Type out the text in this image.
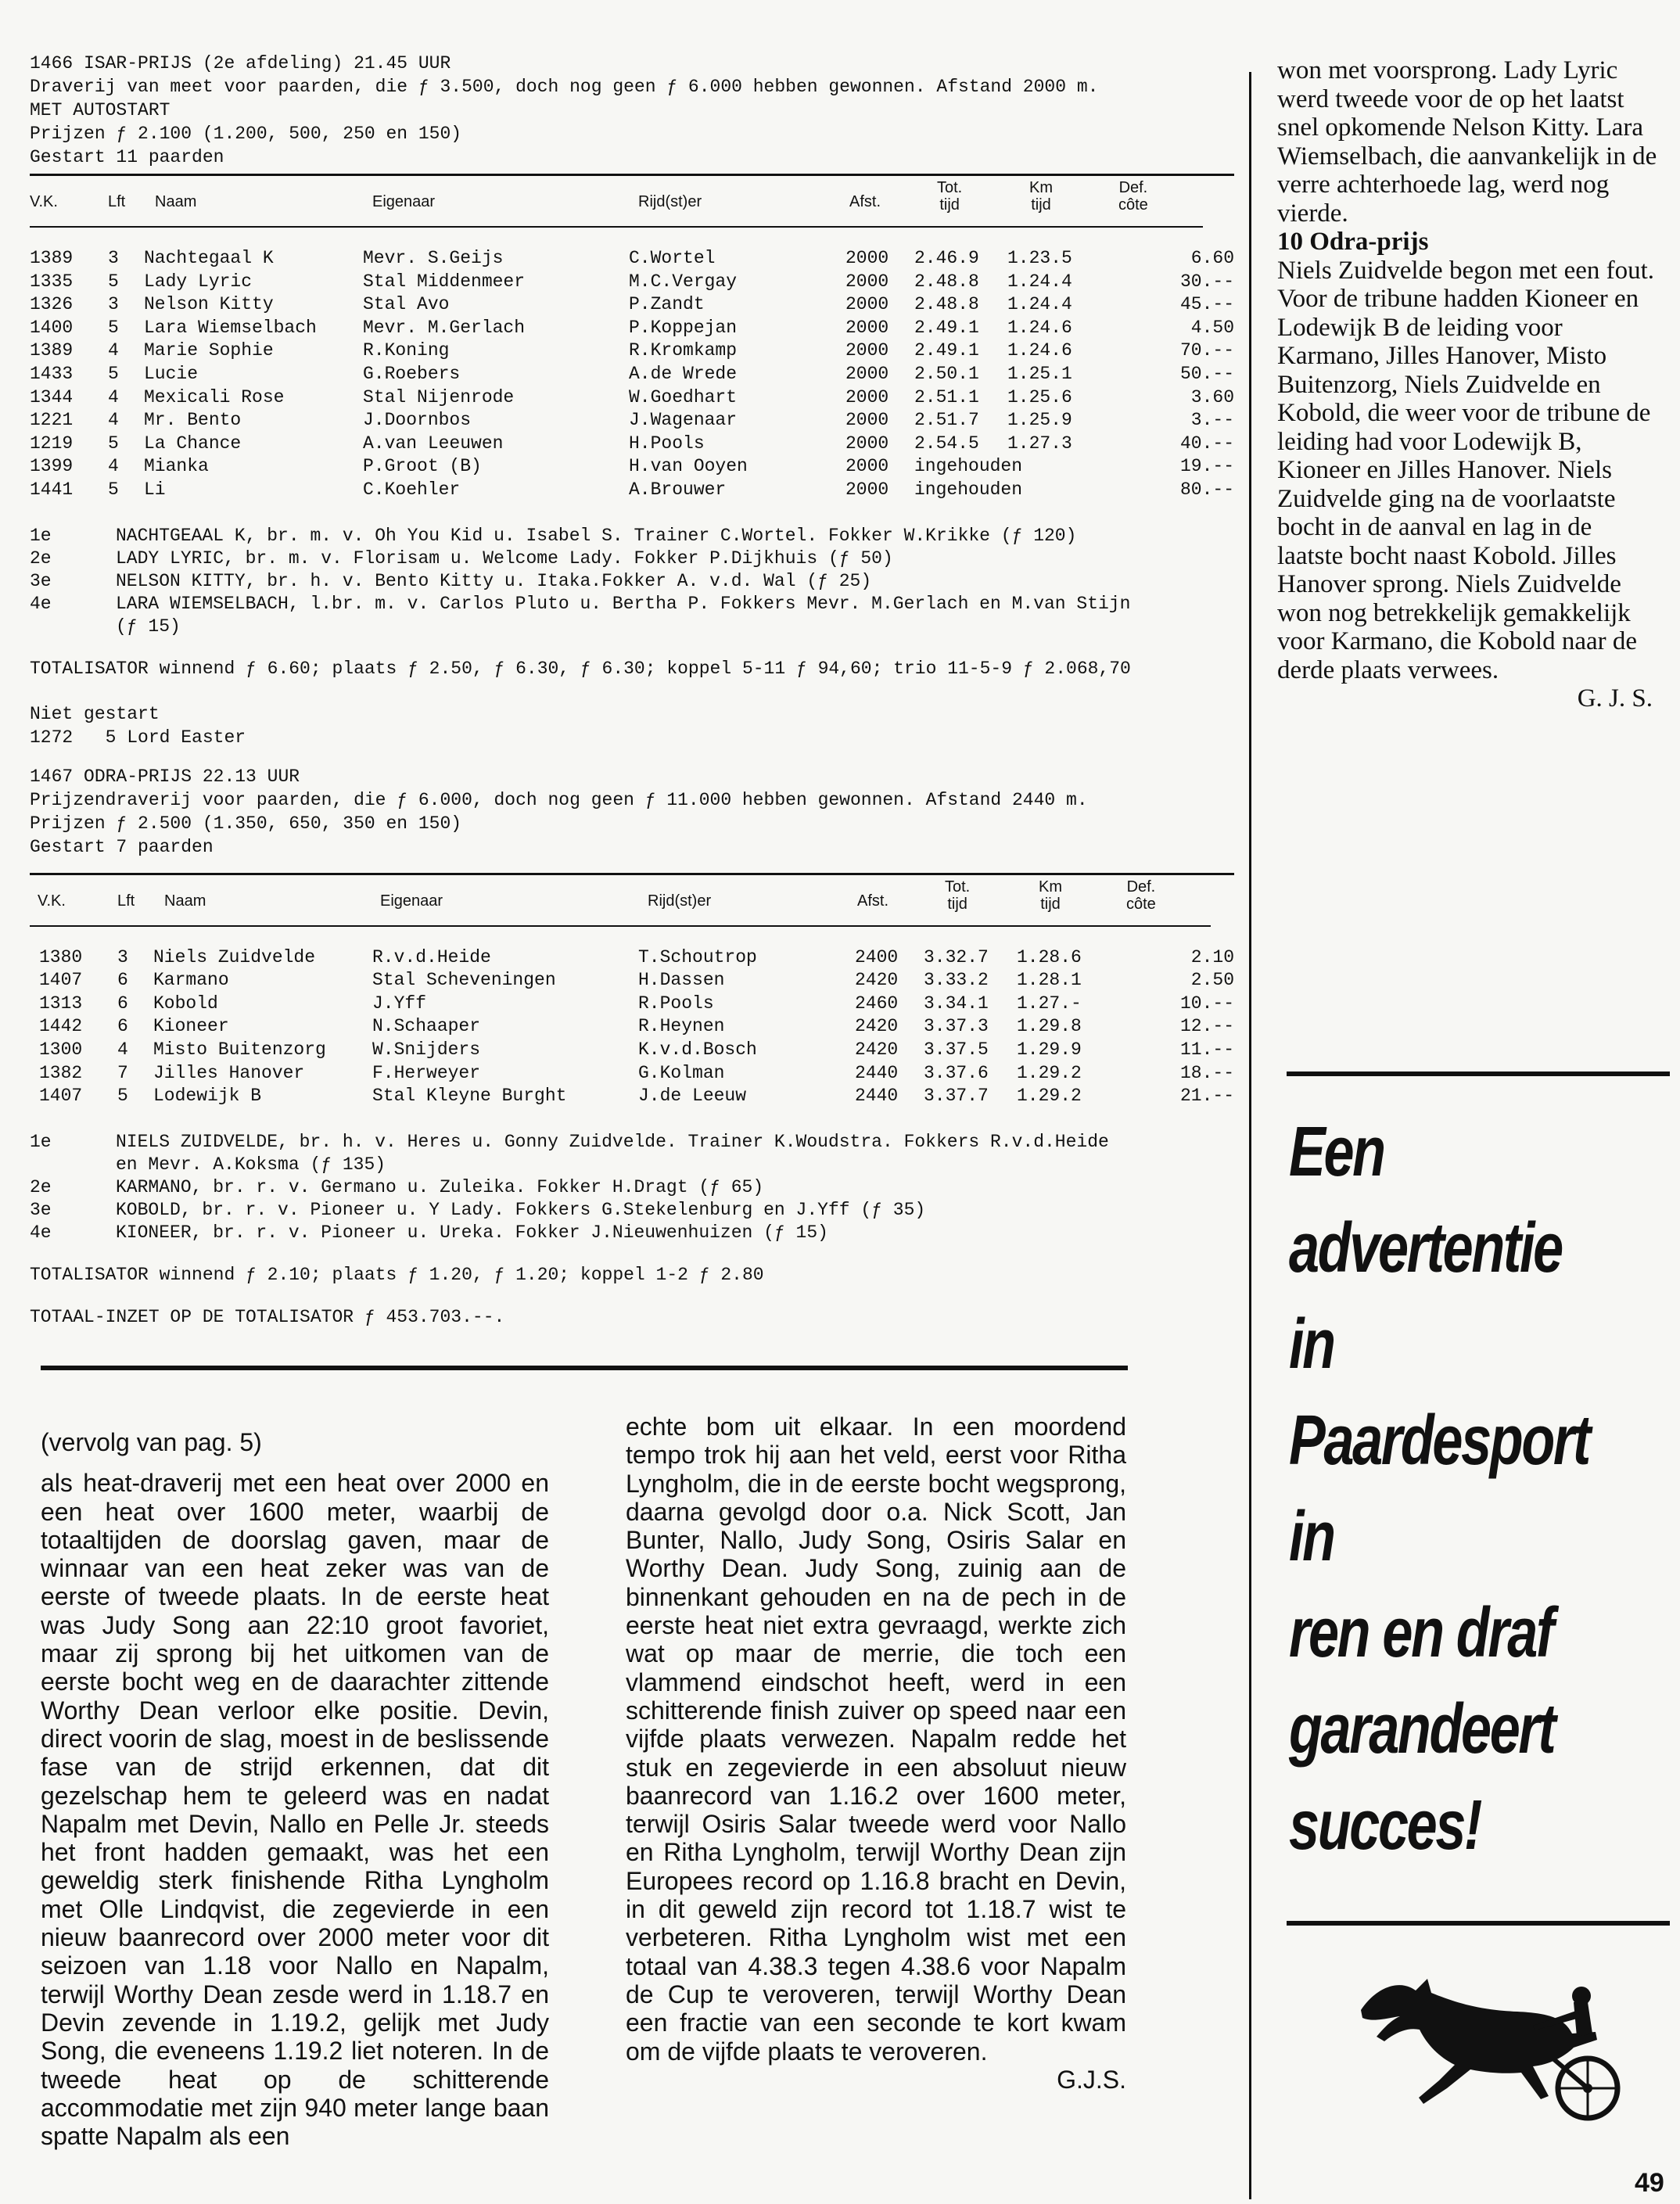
1466 ISAR-PRIJS (2e afdeling) 21.45 UUR
Draverij van meet voor paarden, die ƒ 3.500, doch nog geen ƒ 6.000 hebben gewonnen. Afstand 2000 m.
MET AUTOSTART
Prijzen ƒ 2.100 (1.200, 500, 250 en 150)
Gestart 11 paarden
V.K.	Lft Naam	Eigenaar	Rijd(st)er	Afst.
Tot.
tijd
Km
tijd
Def.
côte
1389 3 Nachtegaal K	Mevr. S.Geijs	C.Wortel	2000 2.46.9 1.23.5	6.60
1335 5 Lady Lyric	Stal Middenmeer	M.C.Vergay	2000 2.48.8 1.24.4	30.--
1326 3 Nelson Kitty	Stal Avo	P.Zandt	2000 2.48.8 1.24.4	45.--
1400 5 Lara Wiemselbach	Mevr. M.Gerlach	P.Koppejan	2000 2.49.1 1.24.6	4.50
1389 4 Marie Sophie	R.Koning	R.Kromkamp	2000 2.49.1 1.24.6	70.--
1433 5 Lucie	G.Roebers	A.de Wrede	2000 2.50.1 1.25.1	50.--
1344 4 Mexicali Rose	Stal Nijenrode	W.Goedhart	2000 2.51.1 1.25.6	3.60
1221 4 Mr. Bento	J.Doornbos	J.Wagenaar	2000 2.51.7 1.25.9	3.--
1219 5 La Chance	A.van Leeuwen	H.Pools	2000 2.54.5 1.27.3	40.--
1399 4 Mianka	P.Groot (B)	H.van Ooyen	2000 ingehouden	19.--
1441 5 Li	C.Koehler	A.Brouwer	2000 ingehouden	80.--
1e	NACHTGEAAL K, br. m. v. Oh You Kid u. Isabel S. Trainer C.Wortel. Fokker W.Krikke (ƒ 120)
2e	LADY LYRIC, br. m. v. Florisam u. Welcome Lady. Fokker P.Dijkhuis (ƒ 50)
3e	NELSON KITTY, br. h. v. Bento Kitty u. Itaka.Fokker A. v.d. Wal (ƒ 25)
4e	LARA WIEMSELBACH, l.br. m. v. Carlos Pluto u. Bertha P. Fokkers Mevr. M.Gerlach en M.van Stijn
(ƒ 15)
TOTALISATOR winnend ƒ 6.60; plaats ƒ 2.50, ƒ 6.30, ƒ 6.30; koppel 5-11 ƒ 94,60; trio 11-5-9 ƒ 2.068,70
Niet gestart
1272   5 Lord Easter
1467 ODRA-PRIJS 22.13 UUR
Prijzendraverij voor paarden, die ƒ 6.000, doch nog geen ƒ 11.000 hebben gewonnen. Afstand 2440 m.
Prijzen ƒ 2.500 (1.350, 650, 350 en 150)
Gestart 7 paarden
V.K.	Lft Naam	Eigenaar	Rijd(st)er	Afst.
Tot.
tijd
Km
tijd
Def.
côte
1380 3 Niels Zuidvelde	R.v.d.Heide	T.Schoutrop	2400 3.32.7 1.28.6	2.10
1407 6 Karmano	Stal Scheveningen	H.Dassen	2420 3.33.2 1.28.1	2.50
1313 6 Kobold	J.Yff	R.Pools	2460 3.34.1 1.27.-	10.--
1442 6 Kioneer	N.Schaaper	R.Heynen	2420 3.37.3 1.29.8	12.--
1300 4 Misto Buitenzorg	W.Snijders	K.v.d.Bosch	2420 3.37.5 1.29.9	11.--
1382 7 Jilles Hanover	F.Herweyer	G.Kolman	2440 3.37.6 1.29.2	18.--
1407 5 Lodewijk B	Stal Kleyne Burght	J.de Leeuw	2440 3.37.7 1.29.2	21.--
1e	NIELS ZUIDVELDE, br. h. v. Heres u. Gonny Zuidvelde. Trainer K.Woudstra. Fokkers R.v.d.Heide
en Mevr. A.Koksma (ƒ 135)
2e	KARMANO, br. r. v. Germano u. Zuleika. Fokker H.Dragt (ƒ 65)
3e	KOBOLD, br. r. v. Pioneer u. Y Lady. Fokkers G.Stekelenburg en J.Yff (ƒ 35)
4e	KIONEER, br. r. v. Pioneer u. Ureka. Fokker J.Nieuwenhuizen (ƒ 15)
TOTALISATOR winnend ƒ 2.10; plaats ƒ 1.20, ƒ 1.20; koppel 1-2 ƒ 2.80
TOTAAL-INZET OP DE TOTALISATOR ƒ 453.703.--.

(vervolg van pag. 5)

als heat-draverij met een heat over 2000 en een heat over 1600 meter, waarbij de totaaltijden de doorslag gaven, maar de winnaar van een heat zeker was van de eerste of tweede plaats. In de eerste heat was Judy Song aan 22:10 groot favoriet, maar zij sprong bij het uitkomen van de eerste bocht weg en de daarachter zittende Worthy Dean verloor elke positie. Devin, direct voorin de slag, moest in de beslissende fase van de strijd erkennen, dat dit gezelschap hem te geleerd was en nadat Napalm met Devin, Nallo en Pelle Jr. steeds het front hadden gemaakt, was het een geweldig sterk finishende Ritha Lyngholm met Olle Lindqvist, die zegevierde in een nieuw baanrecord over 2000 meter voor dit seizoen van 1.18 voor Nallo en Napalm, terwijl Worthy Dean zesde werd in 1.18.7 en Devin zevende in 1.19.2, gelijk met Judy Song, die eveneens 1.19.2 liet noteren. In de tweede heat op de schitterende accommodatie met zijn 940 meter lange baan spatte Napalm als een

echte bom uit elkaar. In een moordend tempo trok hij aan het veld, eerst voor Ritha Lyngholm, die in de eerste bocht wegsprong, daarna gevolgd door o.a. Nick Scott, Jan Bunter, Nallo, Judy Song, Osiris Salar en Worthy Dean. Judy Song, zuinig aan de binnenkant gehouden en na de pech in de eerste heat niet extra gevraagd, werkte zich wat op maar de merrie, die toch een vlammend eindschot heeft, werd in een schitterende finish zuiver op speed naar een vijfde plaats verwezen. Napalm redde het stuk en zegevierde in een absoluut nieuw baanrecord van 1.16.2 over 1600 meter, terwijl Osiris Salar tweede werd voor Nallo en Ritha Lyngholm, terwijl Worthy Dean zijn Europees record op 1.16.8 bracht en Devin, in dit geweld zijn record tot 1.18.7 wist te verbeteren. Ritha Lyngholm wist met een totaal van 4.38.3 tegen 4.38.6 voor Napalm de Cup te veroveren, terwijl Worthy Dean een fractie van een seconde te kort kwam om de vijfde plaats te veroveren.

G.J.S.

won met voorsprong. Lady Lyric werd tweede voor de op het laatst snel opkomende Nelson Kitty. Lara Wiemselbach, die aanvankelijk in de verre achterhoede lag, werd nog vierde.

10 Odra-prijs

Niels Zuidvelde begon met een fout. Voor de tribune hadden Kioneer en Lodewijk B de leiding voor Karmano, Jilles Hanover, Misto Buitenzorg, Niels Zuidvelde en Kobold, die weer voor de tribune de leiding had voor Lodewijk B, Kioneer en Jilles Hanover. Niels Zuidvelde ging na de voorlaatste bocht in de aanval en lag in de laatste bocht naast Kobold. Jilles Hanover sprong. Niels Zuidvelde won nog betrekkelijk gemakkelijk voor Karmano, die Kobold naar de derde plaats verwees.

G. J. S.

Een
advertentie
in
Paardesport
in
ren en draf
garandeert
succes!
49
